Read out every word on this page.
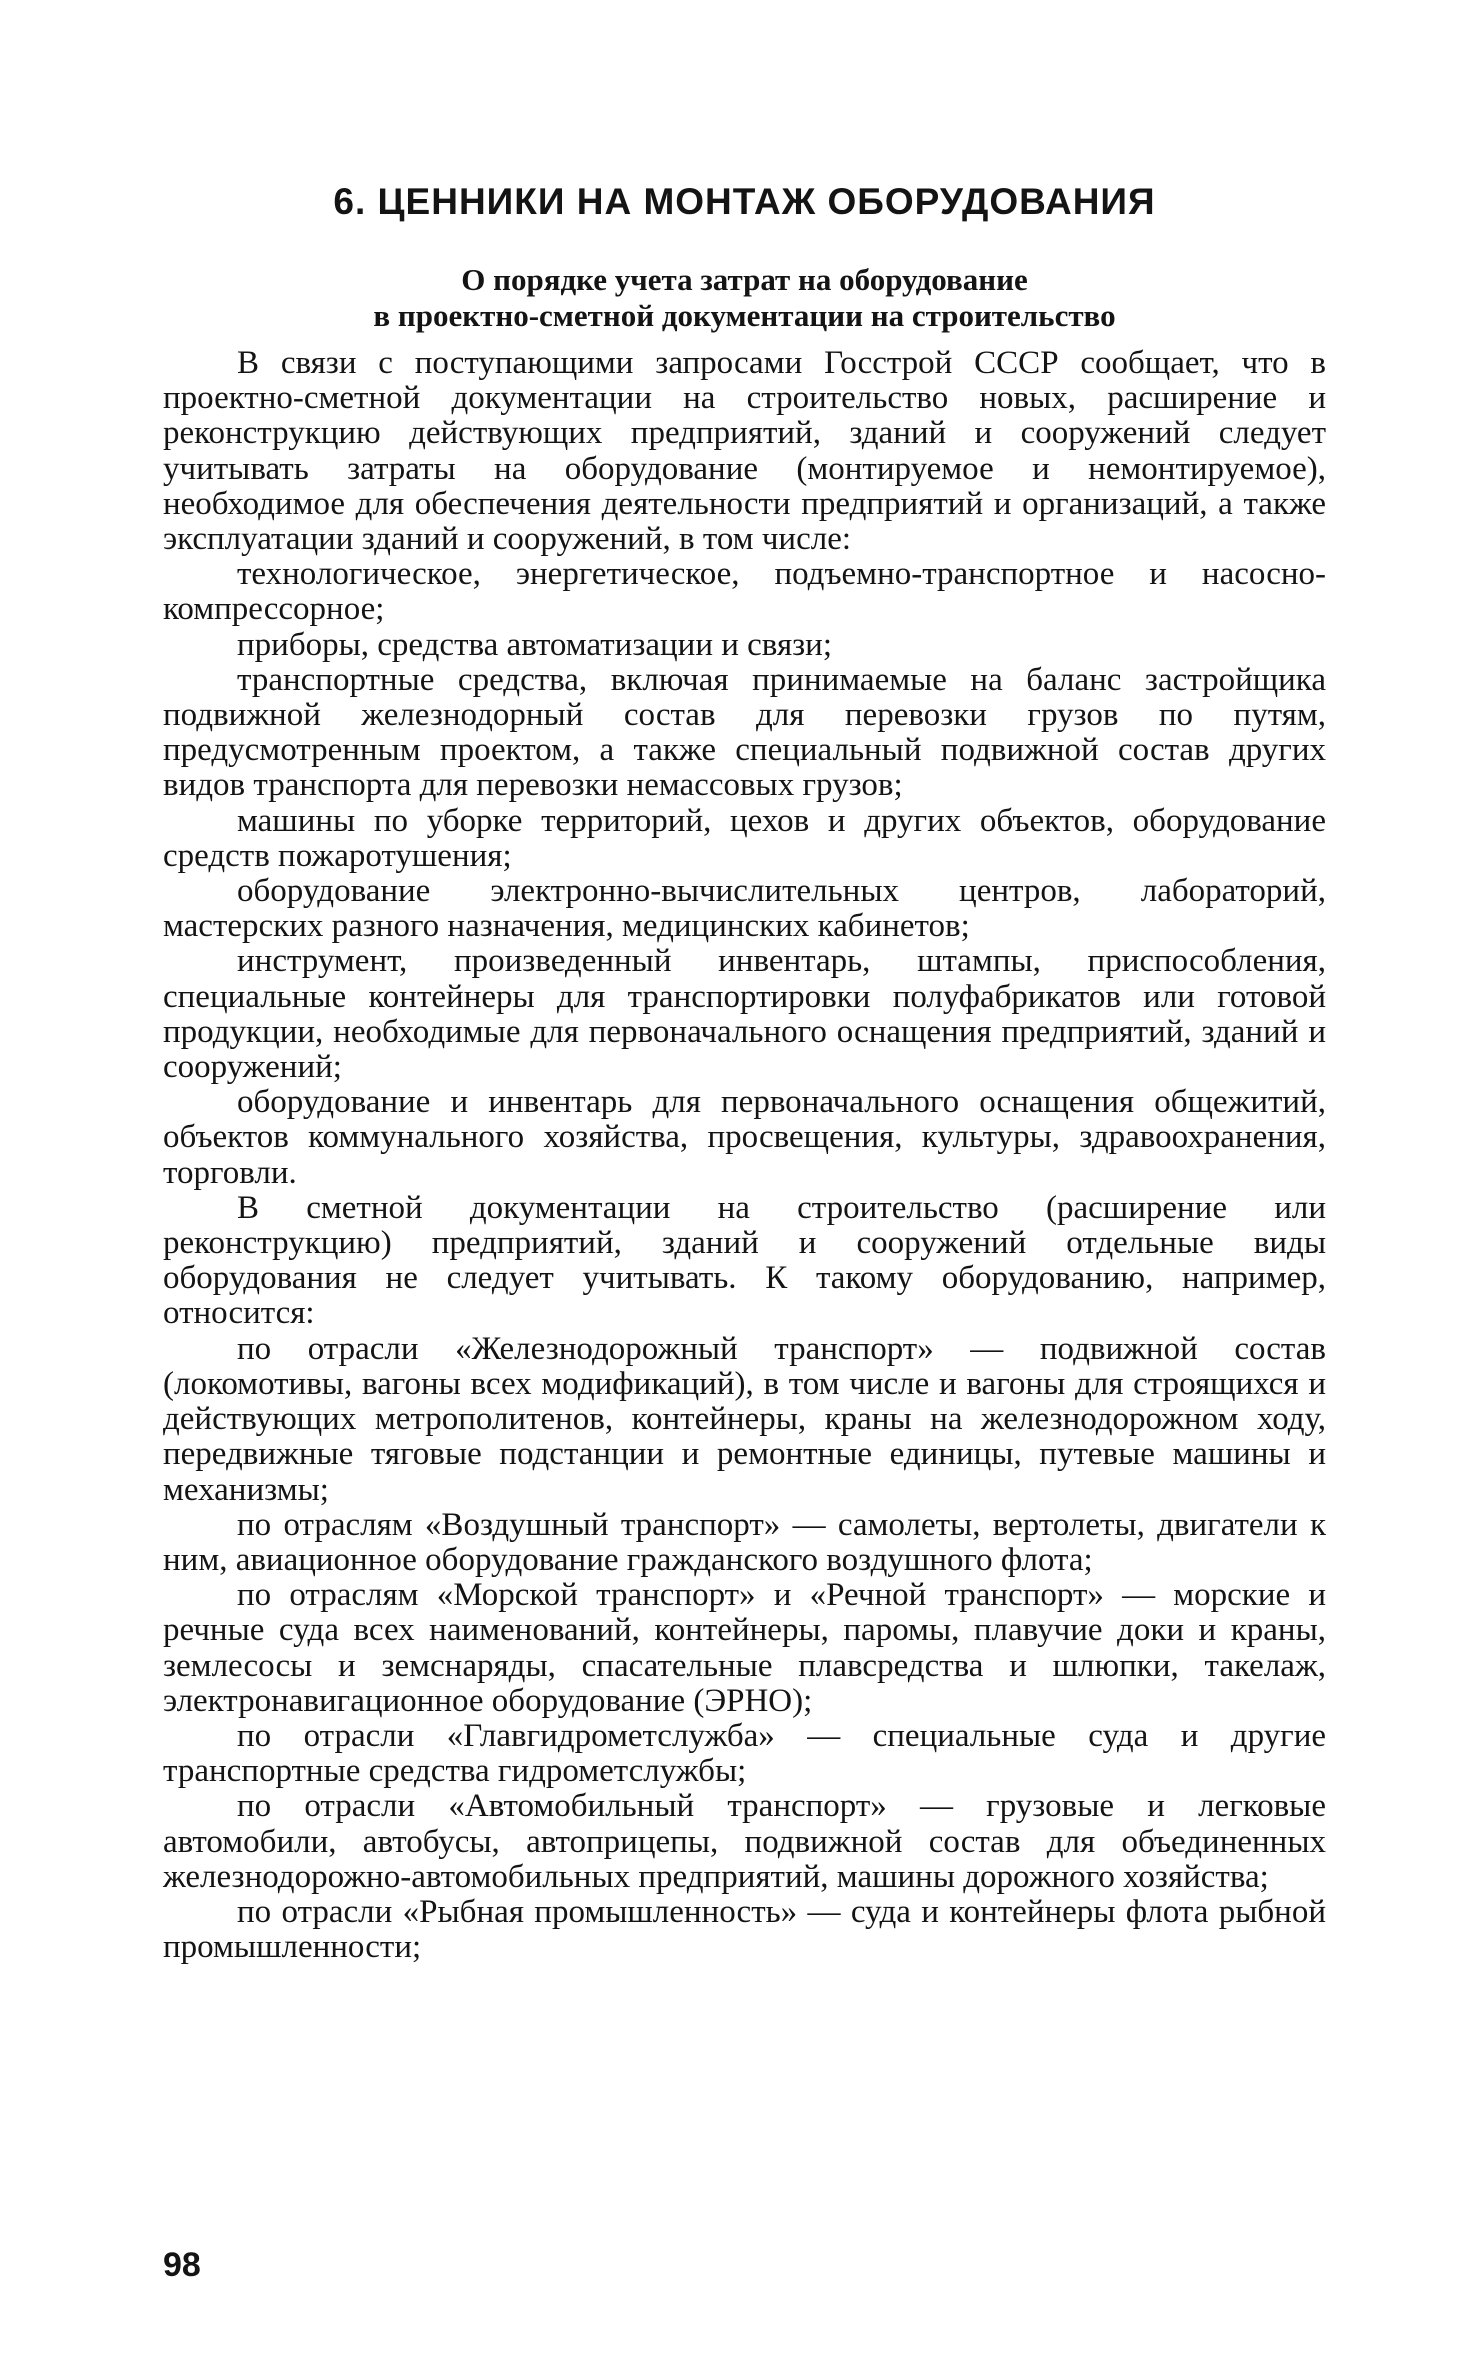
6. ЦЕННИКИ НА МОНТАЖ ОБОРУДОВАНИЯ
О порядке учета затрат на оборудование
в проектно-сметной документации на строительство

В связи с поступающими запросами Госстрой СССР сообщает, что в проектно-сметной документации на строительство новых, расширение и реконструкцию действующих предприятий, зданий и сооружений следует учитывать затраты на оборудование (монтируемое и немонтируемое), необходимое для обеспечения деятельности предприятий и организаций, а также эксплуатации зданий и сооружений, в том числе:

технологическое, энергетическое, подъемно-транспортное и насосно-компрессорное;

приборы, средства автоматизации и связи;

транспортные средства, включая принимаемые на баланс застройщика подвижной железнодорный состав для перевозки грузов по путям, предусмотренным проектом, а также специальный подвижной состав других видов транспорта для перевозки немассовых грузов;

машины по уборке территорий, цехов и других объектов, оборудование средств пожаротушения;

оборудование электронно-вычислительных центров, лабораторий, мастерских разного назначения, медицинских кабинетов;

инструмент, произведенный инвентарь, штампы, приспособления, специальные контейнеры для транспортировки полуфабрикатов или готовой продукции, необходимые для первоначального оснащения предприятий, зданий и сооружений;

оборудование и инвентарь для первоначального оснащения общежитий, объектов коммунального хозяйства, просвещения, культуры, здравоохранения, торговли.

В сметной документации на строительство (расширение или реконструкцию) предприятий, зданий и сооружений отдельные виды оборудования не следует учитывать. К такому оборудованию, например, относится:

по отрасли «Железнодорожный транспорт» — подвижной состав (локомотивы, вагоны всех модификаций), в том числе и вагоны для строящихся и действующих метрополитенов, контейнеры, краны на железнодорожном ходу, передвижные тяговые подстанции и ремонтные единицы, путевые машины и механизмы;

по отраслям «Воздушный транспорт» — самолеты, вертолеты, двигатели к ним, авиационное оборудование гражданского воздушного флота;

по отраслям «Морской транспорт» и «Речной транспорт» — морские и речные суда всех наименований, контейнеры, паромы, плавучие доки и краны, землесосы и земснаряды, спасательные плавсредства и шлюпки, такелаж, электронавигационное оборудование (ЭРНО);

по отрасли «Главгидрометслужба» — специальные суда и другие транспортные средства гидрометслужбы;

по отрасли «Автомобильный транспорт» — грузовые и легковые автомобили, автобусы, автоприцепы, подвижной состав для объединенных железнодорожно-автомобильных предприятий, машины дорожного хозяйства;

по отрасли «Рыбная промышленность» — суда и контейнеры флота рыбной промышленности;

98
